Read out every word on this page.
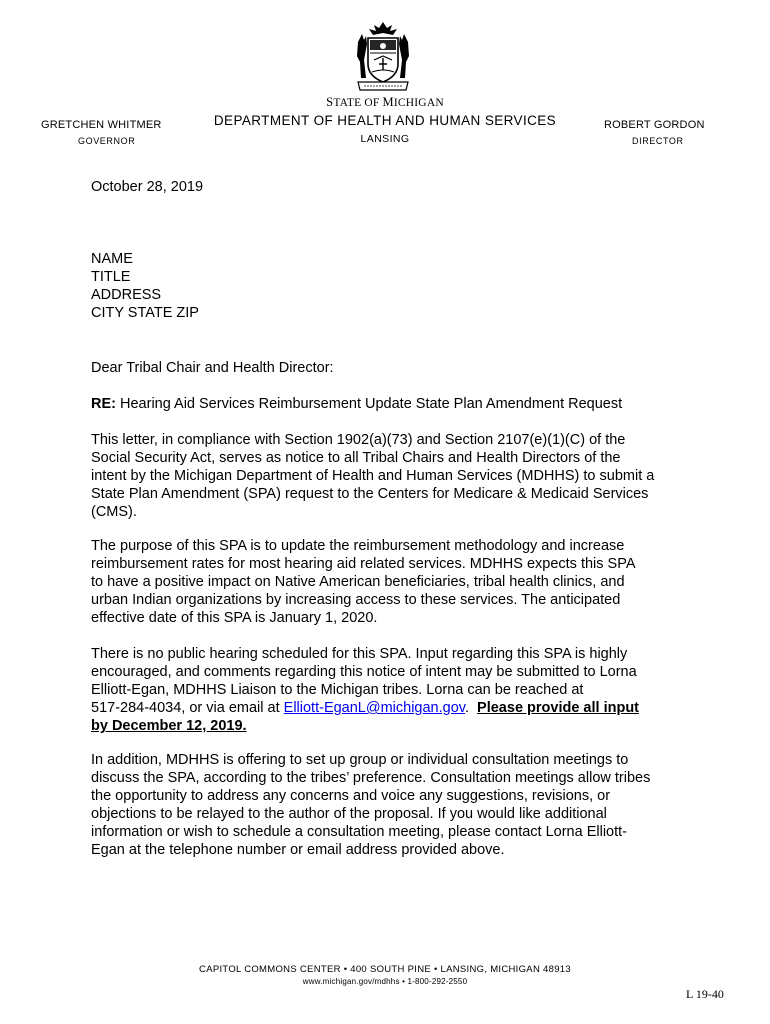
STATE OF MICHIGAN
DEPARTMENT OF HEALTH AND HUMAN SERVICES
LANSING
GRETCHEN WHITMER
GOVERNOR
ROBERT GORDON
DIRECTOR
October 28, 2019
NAME
TITLE
ADDRESS
CITY STATE ZIP
Dear Tribal Chair and Health Director:
RE: Hearing Aid Services Reimbursement Update State Plan Amendment Request
This letter, in compliance with Section 1902(a)(73) and Section 2107(e)(1)(C) of the
Social Security Act, serves as notice to all Tribal Chairs and Health Directors of the
intent by the Michigan Department of Health and Human Services (MDHHS) to submit a
State Plan Amendment (SPA) request to the Centers for Medicare & Medicaid Services
(CMS).
The purpose of this SPA is to update the reimbursement methodology and increase
reimbursement rates for most hearing aid related services. MDHHS expects this SPA
to have a positive impact on Native American beneficiaries, tribal health clinics, and
urban Indian organizations by increasing access to these services. The anticipated
effective date of this SPA is January 1, 2020.
There is no public hearing scheduled for this SPA. Input regarding this SPA is highly
encouraged, and comments regarding this notice of intent may be submitted to Lorna
Elliott-Egan, MDHHS Liaison to the Michigan tribes. Lorna can be reached at
517-284-4034, or via email at Elliott-EganL@michigan.gov.  Please provide all input
by December 12, 2019.
In addition, MDHHS is offering to set up group or individual consultation meetings to
discuss the SPA, according to the tribes’ preference. Consultation meetings allow tribes
the opportunity to address any concerns and voice any suggestions, revisions, or
objections to be relayed to the author of the proposal. If you would like additional
information or wish to schedule a consultation meeting, please contact Lorna Elliott-
Egan at the telephone number or email address provided above.
CAPITOL COMMONS CENTER • 400 SOUTH PINE • LANSING, MICHIGAN 48913
www.michigan.gov/mdhhs • 1-800-292-2550
L 19-40
